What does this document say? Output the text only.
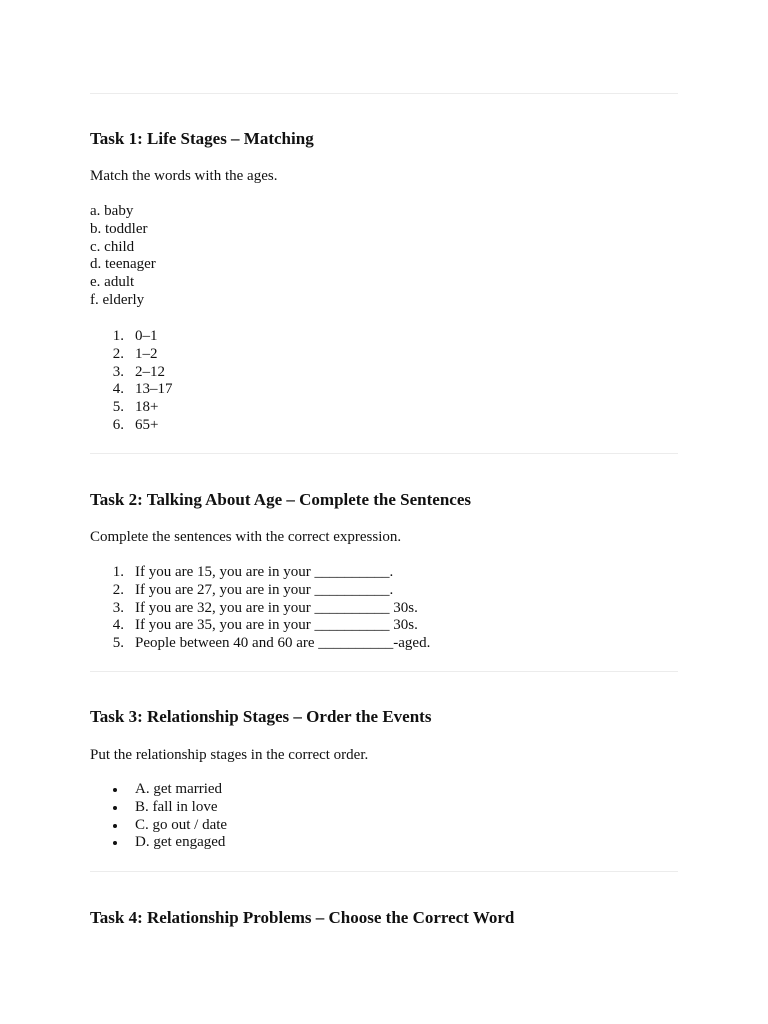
Task 1: Life Stages – Matching

Match the words with the ages.

a. baby
b. toddler
c. child
d. teenager
e. adult
f. elderly
1. 0–1
2. 1–2
3. 2–12
4. 13–17
5. 18+
6. 65+
Task 2: Talking About Age – Complete the Sentences

Complete the sentences with the correct expression.

1. If you are 15, you are in your __________.
2. If you are 27, you are in your __________.
3. If you are 32, you are in your __________ 30s.
4. If you are 35, you are in your __________ 30s.
5. People between 40 and 60 are __________-aged.
Task 3: Relationship Stages – Order the Events

Put the relationship stages in the correct order.

A. get married
B. fall in love
C. go out / date
D. get engaged
Task 4: Relationship Problems – Choose the Correct Word
